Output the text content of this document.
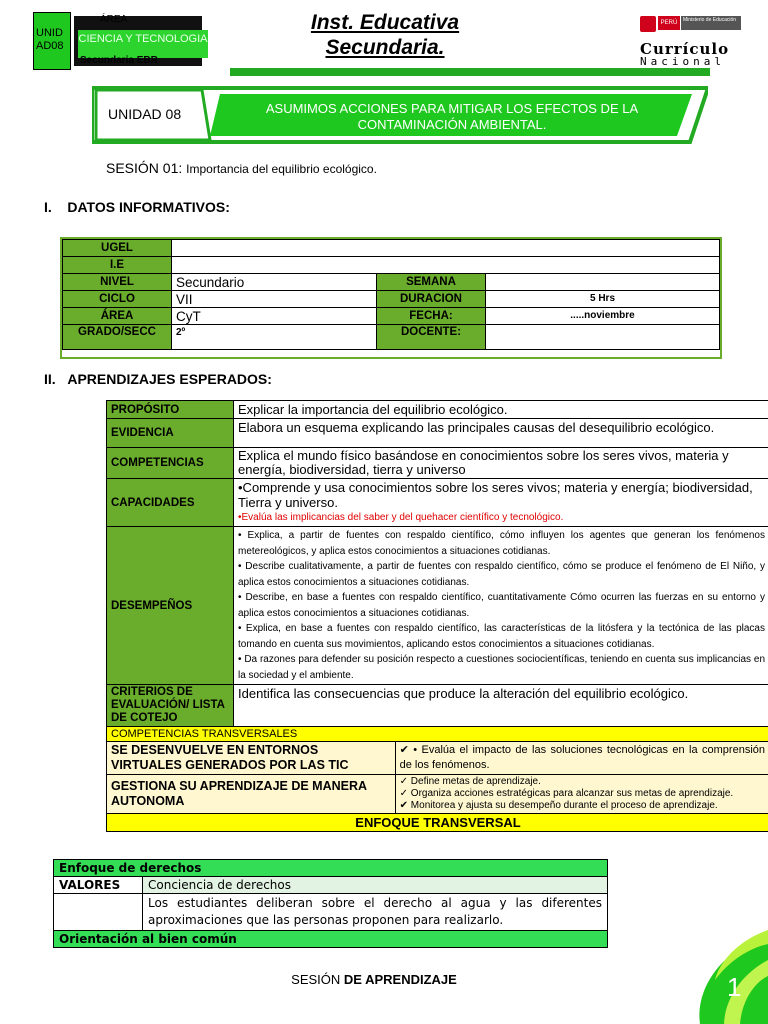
ÁREA
CIENCIA Y TECNOLOGIA
UNID AD08
Secundaria EBR
Inst. Educativa Secundaria.
PERÚ	Ministerio de Educación
Currículo
Nacional
UNIDAD 08	ASUMIMOS ACCIONES PARA MITIGAR LOS EFECTOS DE LA CONTAMINACIÓN AMBIENTAL.
SESIÓN 01: Importancia del equilibrio ecológico.
I. DATOS INFORMATIVOS:
UGEL			
I.E			
NIVEL	Secundario	SEMANA	
CICLO	VII	DURACION	5 Hrs
ÁREA	CyT	FECHA:	.....noviembre
GRADO/SECC	2º	DOCENTE:	
II. APRENDIZAJES ESPERADOS:
PROPÓSITO	Explicar la importancia del equilibrio ecológico.	
EVIDENCIA	Elabora un esquema explicando las principales causas del desequilibrio ecológico.	
COMPETENCIAS	Explica el mundo físico basándose en conocimientos sobre los seres vivos, materia y energía, biodiversidad, tierra y universo	
CAPACIDADES	•Comprende y usa conocimientos sobre los seres vivos; materia y energía; biodiversidad, Tierra y universo.
•Evalúa las implicancias del saber y del quehacer científico y tecnológico.	

DESEMPEÑOS	• Explica, a partir de fuentes con respaldo científico, cómo influyen los agentes que generan los fenómenos metereológicos, y aplica estos conocimientos a situaciones cotidianas.
• Describe cualitativamente, a partir de fuentes con respaldo científico, cómo se produce el fenómeno de El Niño, y aplica estos conocimientos a situaciones cotidianas.
• Describe, en base a fuentes con respaldo científico, cuantitativamente Cómo ocurren las fuerzas en su entorno y aplica estos conocimientos a situaciones cotidianas.
• Explica, en base a fuentes con respaldo científico, las características de la litósfera y la tectónica de las placas tomando en cuenta sus movimientos, aplicando estos conocimientos a situaciones cotidianas.
• Da razones para defender su posición respecto a cuestiones sociocientíficas, teniendo en cuenta sus implicancias en la sociedad y el ambiente.	

CRITERIOS DE EVALUACIÓN/ LISTA DE COTEJO	Identifica las consecuencias que produce la alteración del equilibrio ecológico.	
COMPETENCIAS TRANSVERSALES		
SE DESENVUELVE EN ENTORNOS VIRTUALES GENERADOS POR LAS TIC		✔ • Evalúa el impacto de las soluciones tecnológicas en la comprensión de los fenómenos.
GESTIONA SU APRENDIZAJE DE MANERA AUTONOMA		✓ Define metas de aprendizaje.
✓ Organiza acciones estratégicas para alcanzar sus metas de aprendizaje.
✔ Monitorea y ajusta su desempeño durante el proceso de aprendizaje.

ENFOQUE TRANSVERSAL		
Enfoque de derechos	
VALORES	Conciencia de derechos
	Los estudiantes deliberan sobre el derecho al agua y las diferentes aproximaciones que las personas proponen para realizarlo.
Orientación al bien común	
SESIÓN DE APRENDIZAJE	1
